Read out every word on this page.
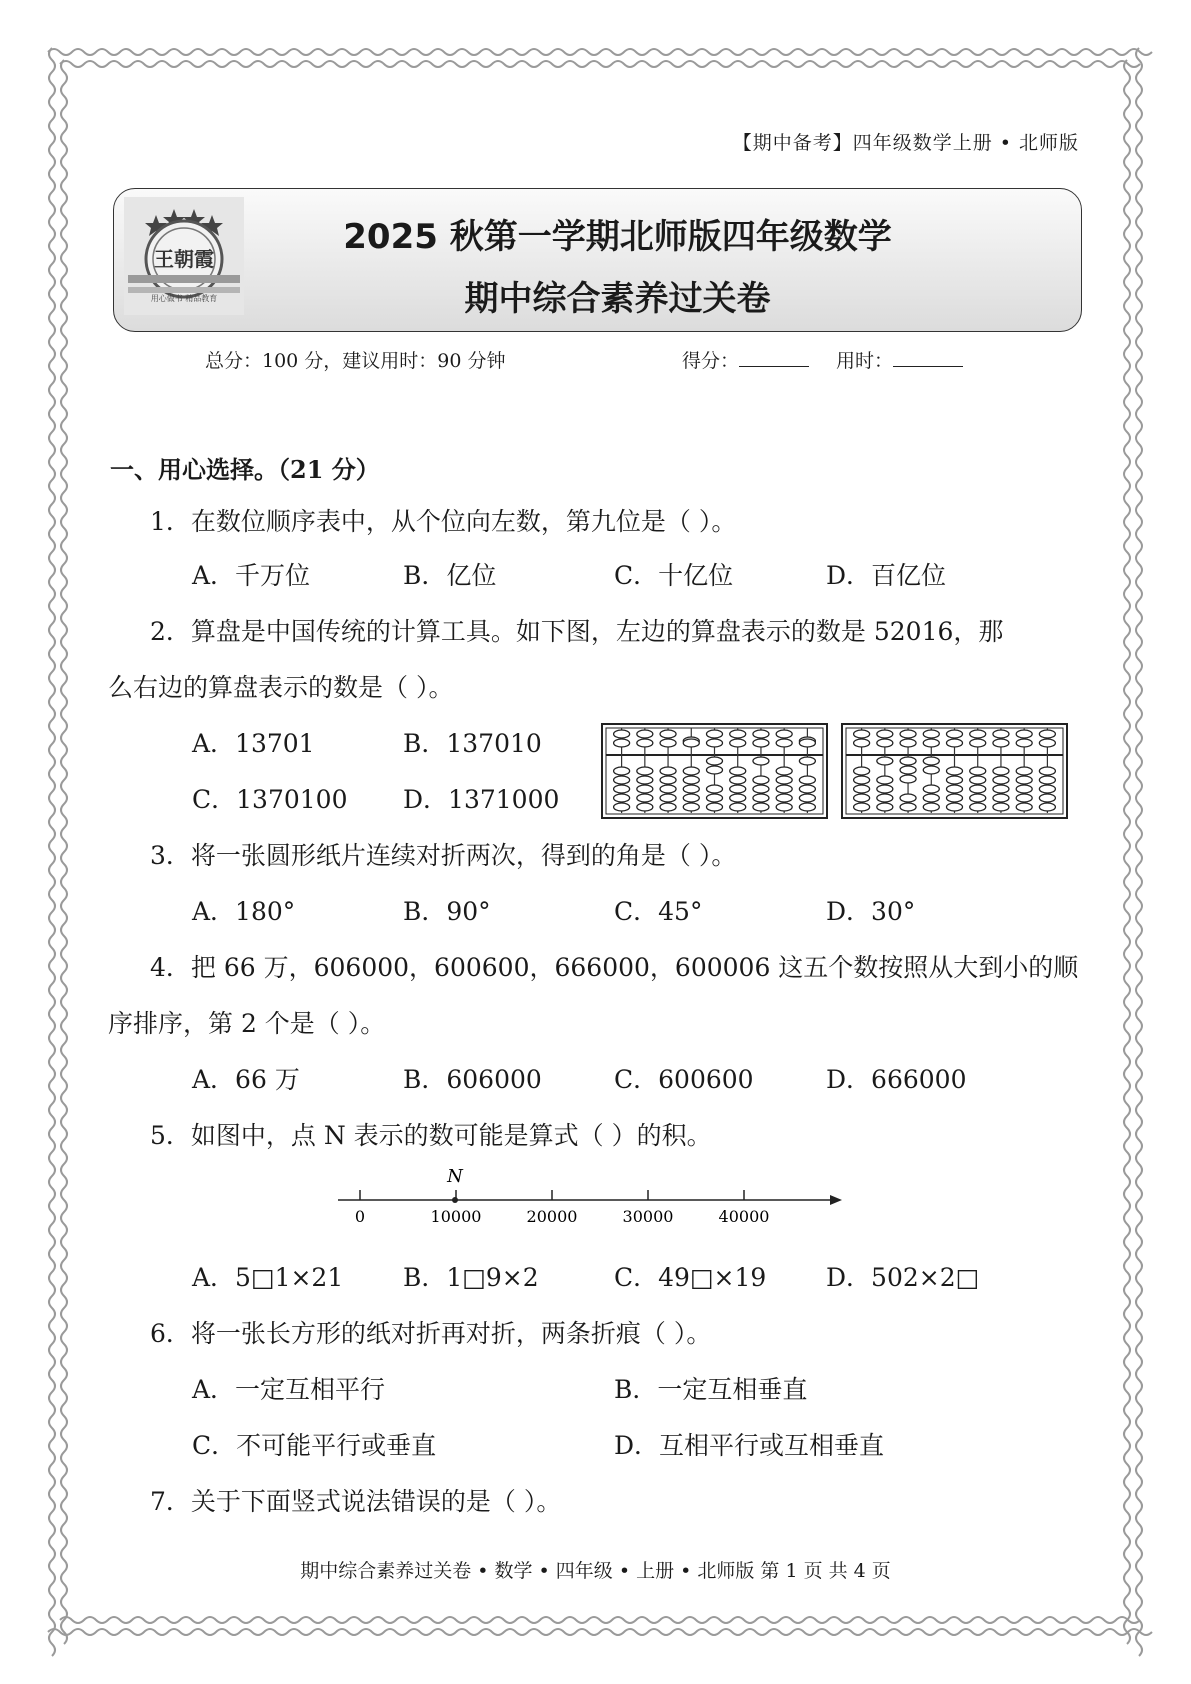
【期中备考】四年级数学上册 • 北师版
王朝霞
用心做书 精品教育
2025 秋第一学期北师版四年级数学
期中综合素养过关卷
总分：100 分，建议用时：90 分钟	得分：	用时：
一、用心选择。（21 分）
1．在数位顺序表中，从个位向左数，第九位是（ ）。
A．千万位	B．亿位	C．十亿位	D．百亿位
2．算盘是中国传统的计算工具。如下图，左边的算盘表示的数是 52016，那
么右边的算盘表示的数是（ ）。
A．13701	B．137010
C．1370100 D．1371000
3．将一张圆形纸片连续对折两次，得到的角是（ ）。
A．180°	B．90°	C．45°	D．30°
4．把 66 万，606000，600600，666000，600006 这五个数按照从大到小的顺
序排序，第 2 个是（ ）。
A．66 万	B．606000	C．600600	D．666000
5．如图中，点 N 表示的数可能是算式（ ）的积。
0	10000	20000	30000	40000
N
A．5□1×21 B．1□9×2	C．49□×19 D．502×2□
6．将一张长方形的纸对折再对折，两条折痕（ ）。
A．一定互相平行	B．一定互相垂直
C．不可能平行或垂直	D．互相平行或互相垂直
7．关于下面竖式说法错误的是（ ）。
期中综合素养过关卷 • 数学 • 四年级 • 上册 • 北师版 第 1 页 共 4 页
